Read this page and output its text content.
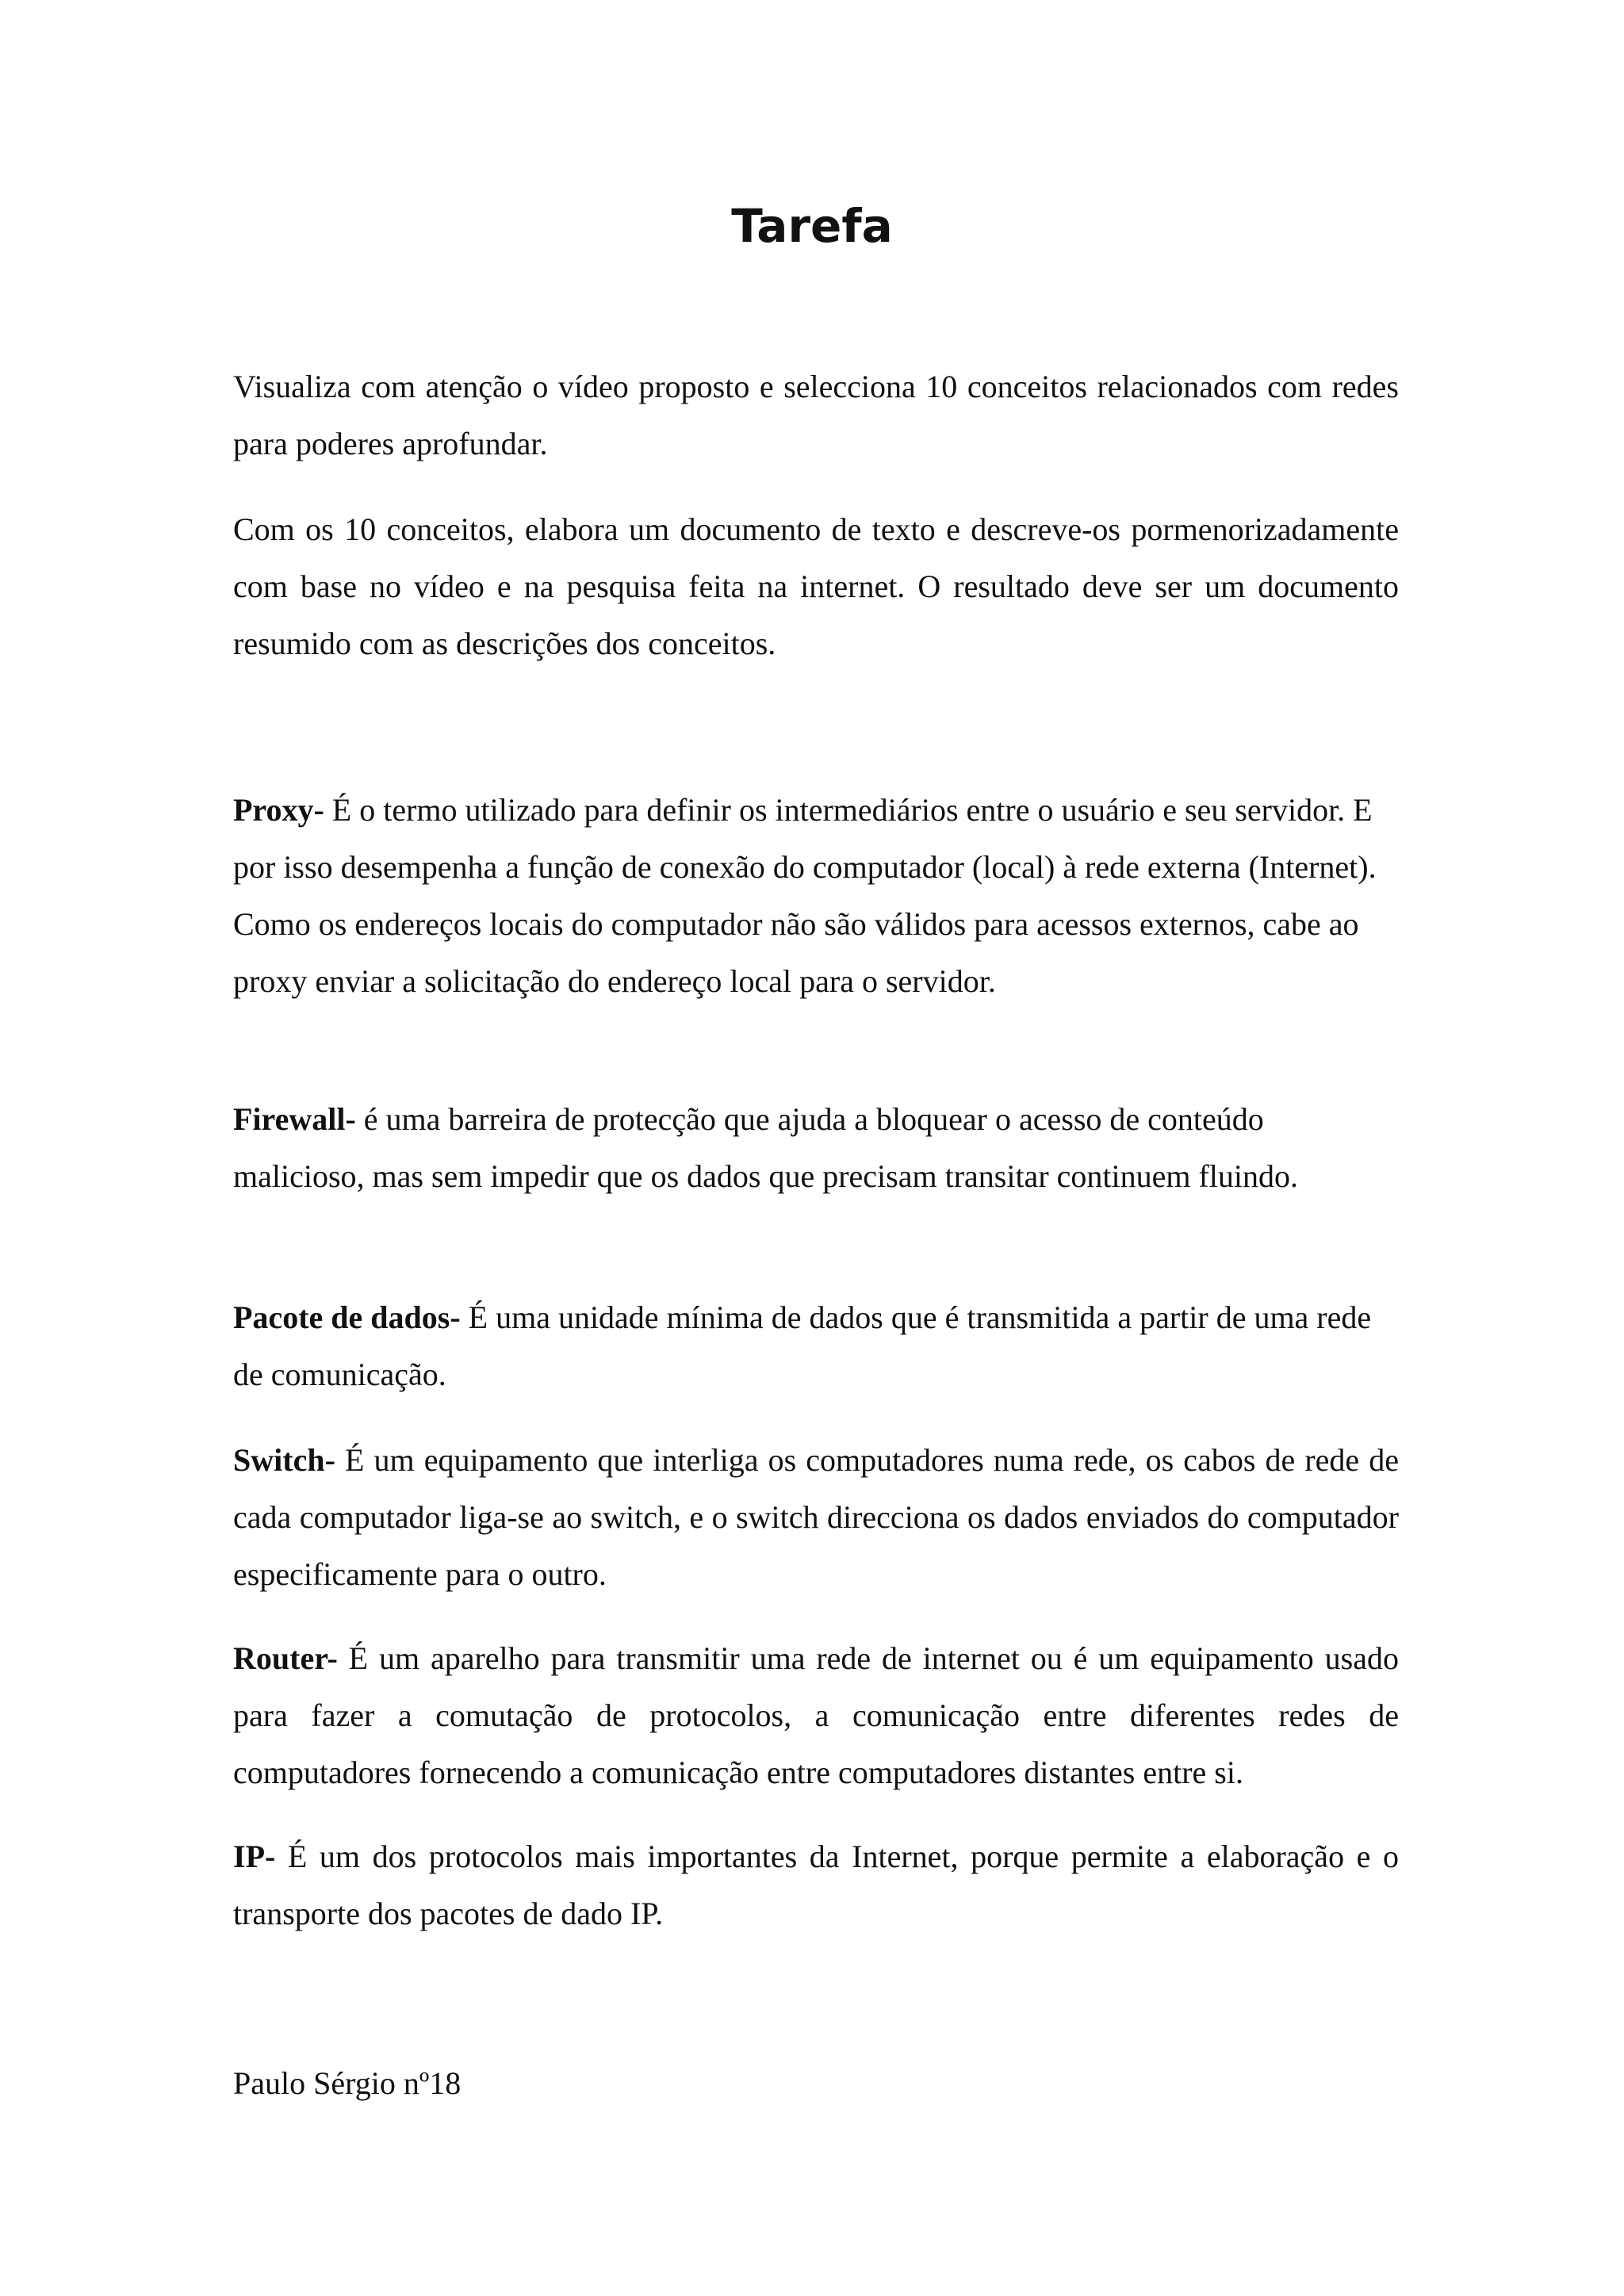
Tarefa

Visualiza com atenção o vídeo proposto e selecciona 10 conceitos relacionados com redes para poderes aprofundar.

Com os 10 conceitos, elabora um documento de texto e descreve-os pormenorizadamente com base no vídeo e na pesquisa feita na internet. O resultado deve ser um documento resumido com as descrições dos conceitos.

Proxy- É o termo utilizado para definir os intermediários entre o usuário e seu servidor. E por isso desempenha a função de conexão do computador (local) à rede externa (Internet). Como os endereços locais do computador não são válidos para acessos externos, cabe ao proxy enviar a solicitação do endereço local para o servidor.

Firewall- é uma barreira de protecção que ajuda a bloquear o acesso de conteúdo malicioso, mas sem impedir que os dados que precisam transitar continuem fluindo.

Pacote de dados- É uma unidade mínima de dados que é transmitida a partir de uma rede de comunicação.

Switch- É um equipamento que interliga os computadores numa rede, os cabos de rede de cada computador liga-se ao switch, e o switch direcciona os dados enviados do computador especificamente para o outro.

Router- É um aparelho para transmitir uma rede de internet ou é um equipamento usado para fazer a comutação de protocolos, a comunicação entre diferentes redes de computadores fornecendo a comunicação entre computadores distantes entre si.

IP- É um dos protocolos mais importantes da Internet, porque permite a elaboração e o transporte dos pacotes de dado IP.

Paulo Sérgio nº18
